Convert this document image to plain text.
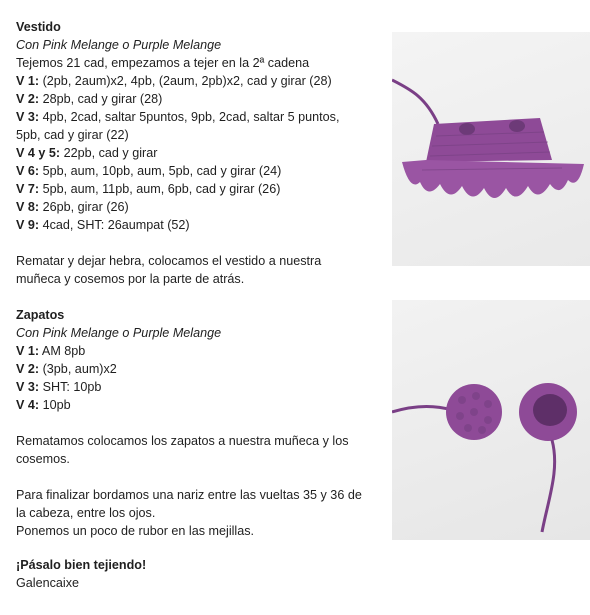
Vestido
Con Pink Melange o Purple Melange
Tejemos 21 cad, empezamos a tejer en la 2ª cadena
V 1: (2pb, 2aum)x2, 4pb, (2aum, 2pb)x2, cad y girar (28)
V 2: 28pb, cad y girar (28)
V 3: 4pb, 2cad, saltar 5puntos, 9pb, 2cad, saltar 5 puntos,
5pb, cad y girar (22)
V 4 y 5: 22pb, cad y girar
V 6: 5pb, aum, 10pb, aum, 5pb, cad y girar (24)
V 7: 5pb, aum, 11pb, aum, 6pb, cad y girar (26)
V 8: 26pb, girar (26)
V 9: 4cad, SHT: 26aumpat (52)
Rematar y dejar hebra, colocamos el vestido a nuestra
muñeca y cosemos por la parte de atrás.
Zapatos
Con Pink Melange o Purple Melange
V 1: AM 8pb
V 2: (3pb, aum)x2
V 3: SHT: 10pb
V 4: 10pb
Rematamos colocamos los zapatos a nuestra muñeca y los
cosemos.
Para finalizar bordamos una nariz entre las vueltas 35 y 36 de
la cabeza, entre los ojos.
Ponemos un poco de rubor en las mejillas.
¡Pásalo bien tejiendo!
Galencaixe
